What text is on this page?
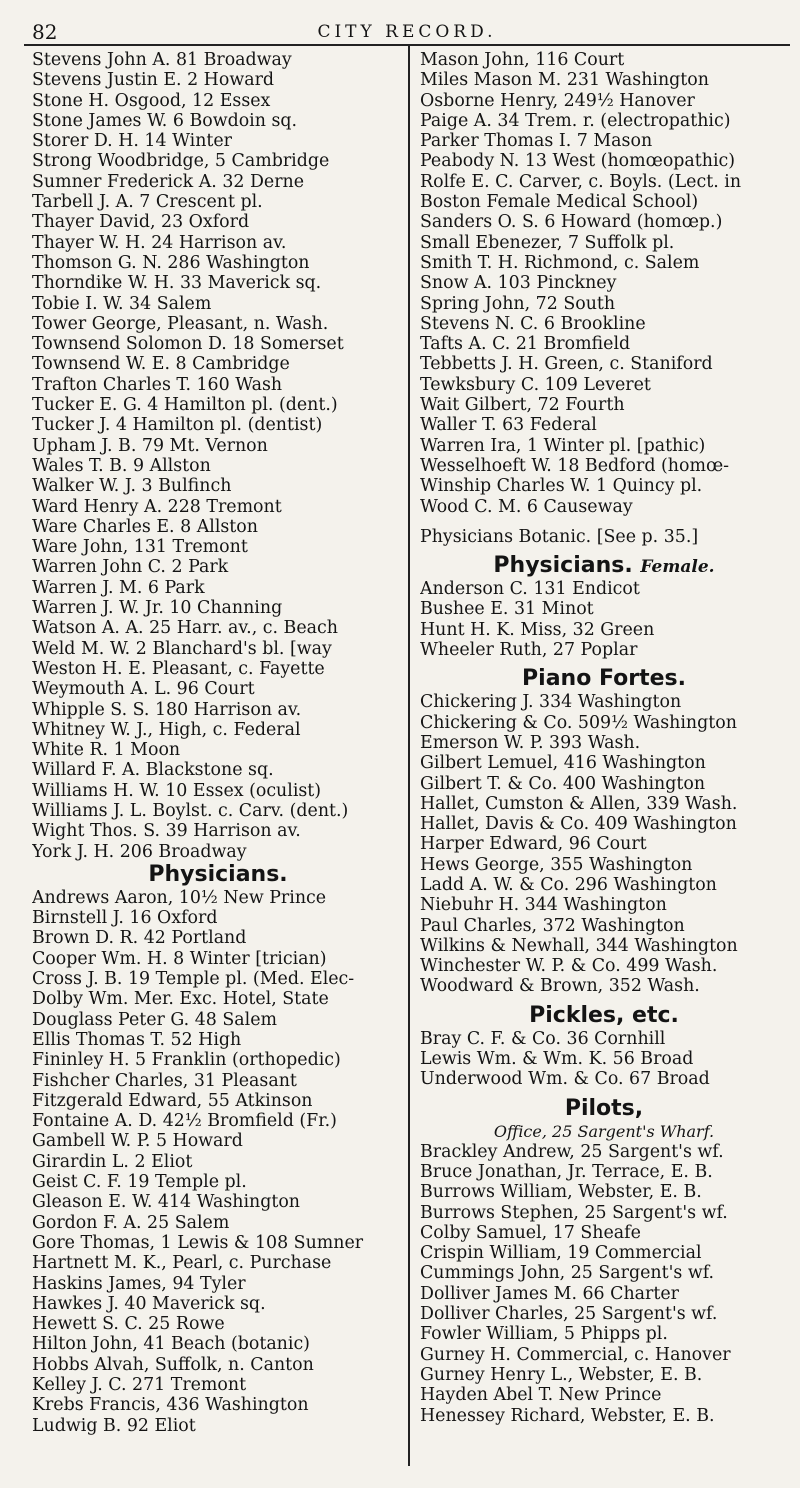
82	CITY RECORD.
Stevens John A. 81 Broadway
Stevens Justin E. 2 Howard
Stone H. Osgood, 12 Essex
Stone James W. 6 Bowdoin sq.
Storer D. H. 14 Winter
Strong Woodbridge, 5 Cambridge
Sumner Frederick A. 32 Derne
Tarbell J. A. 7 Crescent pl.
Thayer David, 23 Oxford
Thayer W. H. 24 Harrison av.
Thomson G. N. 286 Washington
Thorndike W. H. 33 Maverick sq.
Tobie I. W. 34 Salem
Tower George, Pleasant, n. Wash.
Townsend Solomon D. 18 Somerset
Townsend W. E. 8 Cambridge
Trafton Charles T. 160 Wash
Tucker E. G. 4 Hamilton pl. (dent.)
Tucker J. 4 Hamilton pl. (dentist)
Upham J. B. 79 Mt. Vernon
Wales T. B. 9 Allston
Walker W. J. 3 Bulfinch
Ward Henry A. 228 Tremont
Ware Charles E. 8 Allston
Ware John, 131 Tremont
Warren John C. 2 Park
Warren J. M. 6 Park
Warren J. W. Jr. 10 Channing
Watson A. A. 25 Harr. av., c. Beach
Weld M. W. 2 Blanchard's bl. [way
Weston H. E. Pleasant, c. Fayette
Weymouth A. L. 96 Court
Whipple S. S. 180 Harrison av.
Whitney W. J., High, c. Federal
White R. 1 Moon
Willard F. A. Blackstone sq.
Williams H. W. 10 Essex (oculist)
Williams J. L. Boylst. c. Carv. (dent.)
Wight Thos. S. 39 Harrison av.
York J. H. 206 Broadway
Physicians.
Andrews Aaron, 10½ New Prince
Birnstell J. 16 Oxford
Brown D. R. 42 Portland
Cooper Wm. H. 8 Winter [trician)
Cross J. B. 19 Temple pl. (Med. Elec-
Dolby Wm. Mer. Exc. Hotel, State
Douglass Peter G. 48 Salem
Ellis Thomas T. 52 High
Fininley H. 5 Franklin (orthopedic)
Fishcher Charles, 31 Pleasant
Fitzgerald Edward, 55 Atkinson
Fontaine A. D. 42½ Bromfield (Fr.)
Gambell W. P. 5 Howard
Girardin L. 2 Eliot
Geist C. F. 19 Temple pl.
Gleason E. W. 414 Washington
Gordon F. A. 25 Salem
Gore Thomas, 1 Lewis & 108 Sumner
Hartnett M. K., Pearl, c. Purchase
Haskins James, 94 Tyler
Hawkes J. 40 Maverick sq.
Hewett S. C. 25 Rowe
Hilton John, 41 Beach (botanic)
Hobbs Alvah, Suffolk, n. Canton
Kelley J. C. 271 Tremont
Krebs Francis, 436 Washington
Ludwig B. 92 Eliot
Mason John, 116 Court
Miles Mason M. 231 Washington
Osborne Henry, 249½ Hanover
Paige A. 34 Trem. r. (electropathic)
Parker Thomas I. 7 Mason
Peabody N. 13 West (homœopathic)
Rolfe E. C. Carver, c. Boyls. (Lect. in
Boston Female Medical School)
Sanders O. S. 6 Howard (homœp.)
Small Ebenezer, 7 Suffolk pl.
Smith T. H. Richmond, c. Salem
Snow A. 103 Pinckney
Spring John, 72 South
Stevens N. C. 6 Brookline
Tafts A. C. 21 Bromfield
Tebbetts J. H. Green, c. Staniford
Tewksbury C. 109 Leveret
Wait Gilbert, 72 Fourth
Waller T. 63 Federal
Warren Ira, 1 Winter pl. [pathic)
Wesselhoeft W. 18 Bedford (homœ-
Winship Charles W. 1 Quincy pl.
Wood C. M. 6 Causeway
Physicians Botanic. [See p. 35.]
Physicians. Female.
Anderson C. 131 Endicot
Bushee E. 31 Minot
Hunt H. K. Miss, 32 Green
Wheeler Ruth, 27 Poplar
Piano Fortes.
Chickering J. 334 Washington
Chickering & Co. 509½ Washington
Emerson W. P. 393 Wash.
Gilbert Lemuel, 416 Washington
Gilbert T. & Co. 400 Washington
Hallet, Cumston & Allen, 339 Wash.
Hallet, Davis & Co. 409 Washington
Harper Edward, 96 Court
Hews George, 355 Washington
Ladd A. W. & Co. 296 Washington
Niebuhr H. 344 Washington
Paul Charles, 372 Washington
Wilkins & Newhall, 344 Washington
Winchester W. P. & Co. 499 Wash.
Woodward & Brown, 352 Wash.
Pickles, etc.
Bray C. F. & Co. 36 Cornhill
Lewis Wm. & Wm. K. 56 Broad
Underwood Wm. & Co. 67 Broad
Pilots,
Office, 25 Sargent's Wharf.
Brackley Andrew, 25 Sargent's wf.
Bruce Jonathan, Jr. Terrace, E. B.
Burrows William, Webster, E. B.
Burrows Stephen, 25 Sargent's wf.
Colby Samuel, 17 Sheafe
Crispin William, 19 Commercial
Cummings John, 25 Sargent's wf.
Dolliver James M. 66 Charter
Dolliver Charles, 25 Sargent's wf.
Fowler William, 5 Phipps pl.
Gurney H. Commercial, c. Hanover
Gurney Henry L., Webster, E. B.
Hayden Abel T. New Prince
Henessey Richard, Webster, E. B.
